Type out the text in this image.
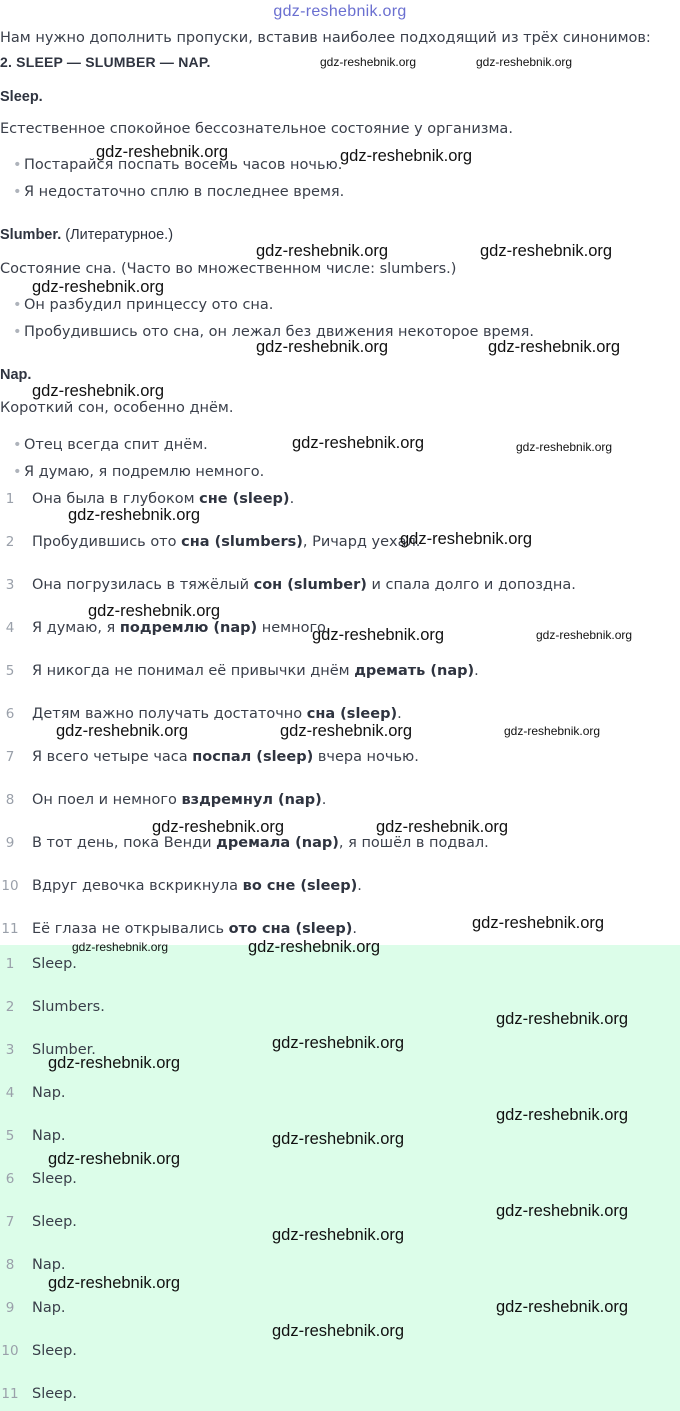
gdz-reshebnik.org
Нам нужно дополнить пропуски, вставив наиболее подходящий из трёх синонимов:
2. SLEEP — SLUMBER — NAP.
Sleep.
Естественное спокойное бессознательное состояние у организма.
• Постарайся поспать восемь часов ночью.
• Я недостаточно сплю в последнее время.
Slumber. (Литературное.)
Состояние сна. (Часто во множественном числе: slumbers.)
• Он разбудил принцессу ото сна.
• Пробудившись ото сна, он лежал без движения некоторое время.
Nap.
Короткий сон, особенно днём.
• Отец всегда спит днём.
• Я думаю, я подремлю немного.
1	Она была в глубоком сне (sleep).
2	Пробудившись ото сна (slumbers), Ричард уехал.
3	Она погрузилась в тяжёлый сон (slumber) и спала долго и допоздна.
4	Я думаю, я подремлю (nap) немного.
5	Я никогда не понимал её привычки днём дремать (nap).
6	Детям важно получать достаточно сна (sleep).
7	Я всего четыре часа поспал (sleep) вчера ночью.
8	Он поел и немного вздремнул (nap).
9	В тот день, пока Венди дремала (nap), я пошёл в подвал.
10 Вдруг девочка вскрикнула во сне (sleep).
11 Её глаза не открывались ото сна (sleep).
1	Sleep.
2	Slumbers.
3	Slumber.
4	Nap.
5	Nap.
6	Sleep.
7	Sleep.
8	Nap.
9	Nap.
10 Sleep.
11 Sleep.
gdz-reshebnik.org	gdz-reshebnik.org
gdz-reshebnik.org	gdz-reshebnik.org
gdz-reshebnik.org	gdz-reshebnik.org
gdz-reshebnik.org
gdz-reshebnik.org	gdz-reshebnik.org
gdz-reshebnik.org
gdz-reshebnik.org	gdz-reshebnik.org
gdz-reshebnik.org
gdz-reshebnik.org
gdz-reshebnik.org
gdz-reshebnik.org	gdz-reshebnik.org
gdz-reshebnik.org	gdz-reshebnik.org	gdz-reshebnik.org
gdz-reshebnik.org	gdz-reshebnik.org
gdz-reshebnik.org
gdz-reshebnik.org	gdz-reshebnik.org
gdz-reshebnik.org
gdz-reshebnik.org
gdz-reshebnik.org
gdz-reshebnik.org
gdz-reshebnik.org
gdz-reshebnik.org
gdz-reshebnik.org
gdz-reshebnik.org
gdz-reshebnik.org
gdz-reshebnik.org
gdz-reshebnik.org
